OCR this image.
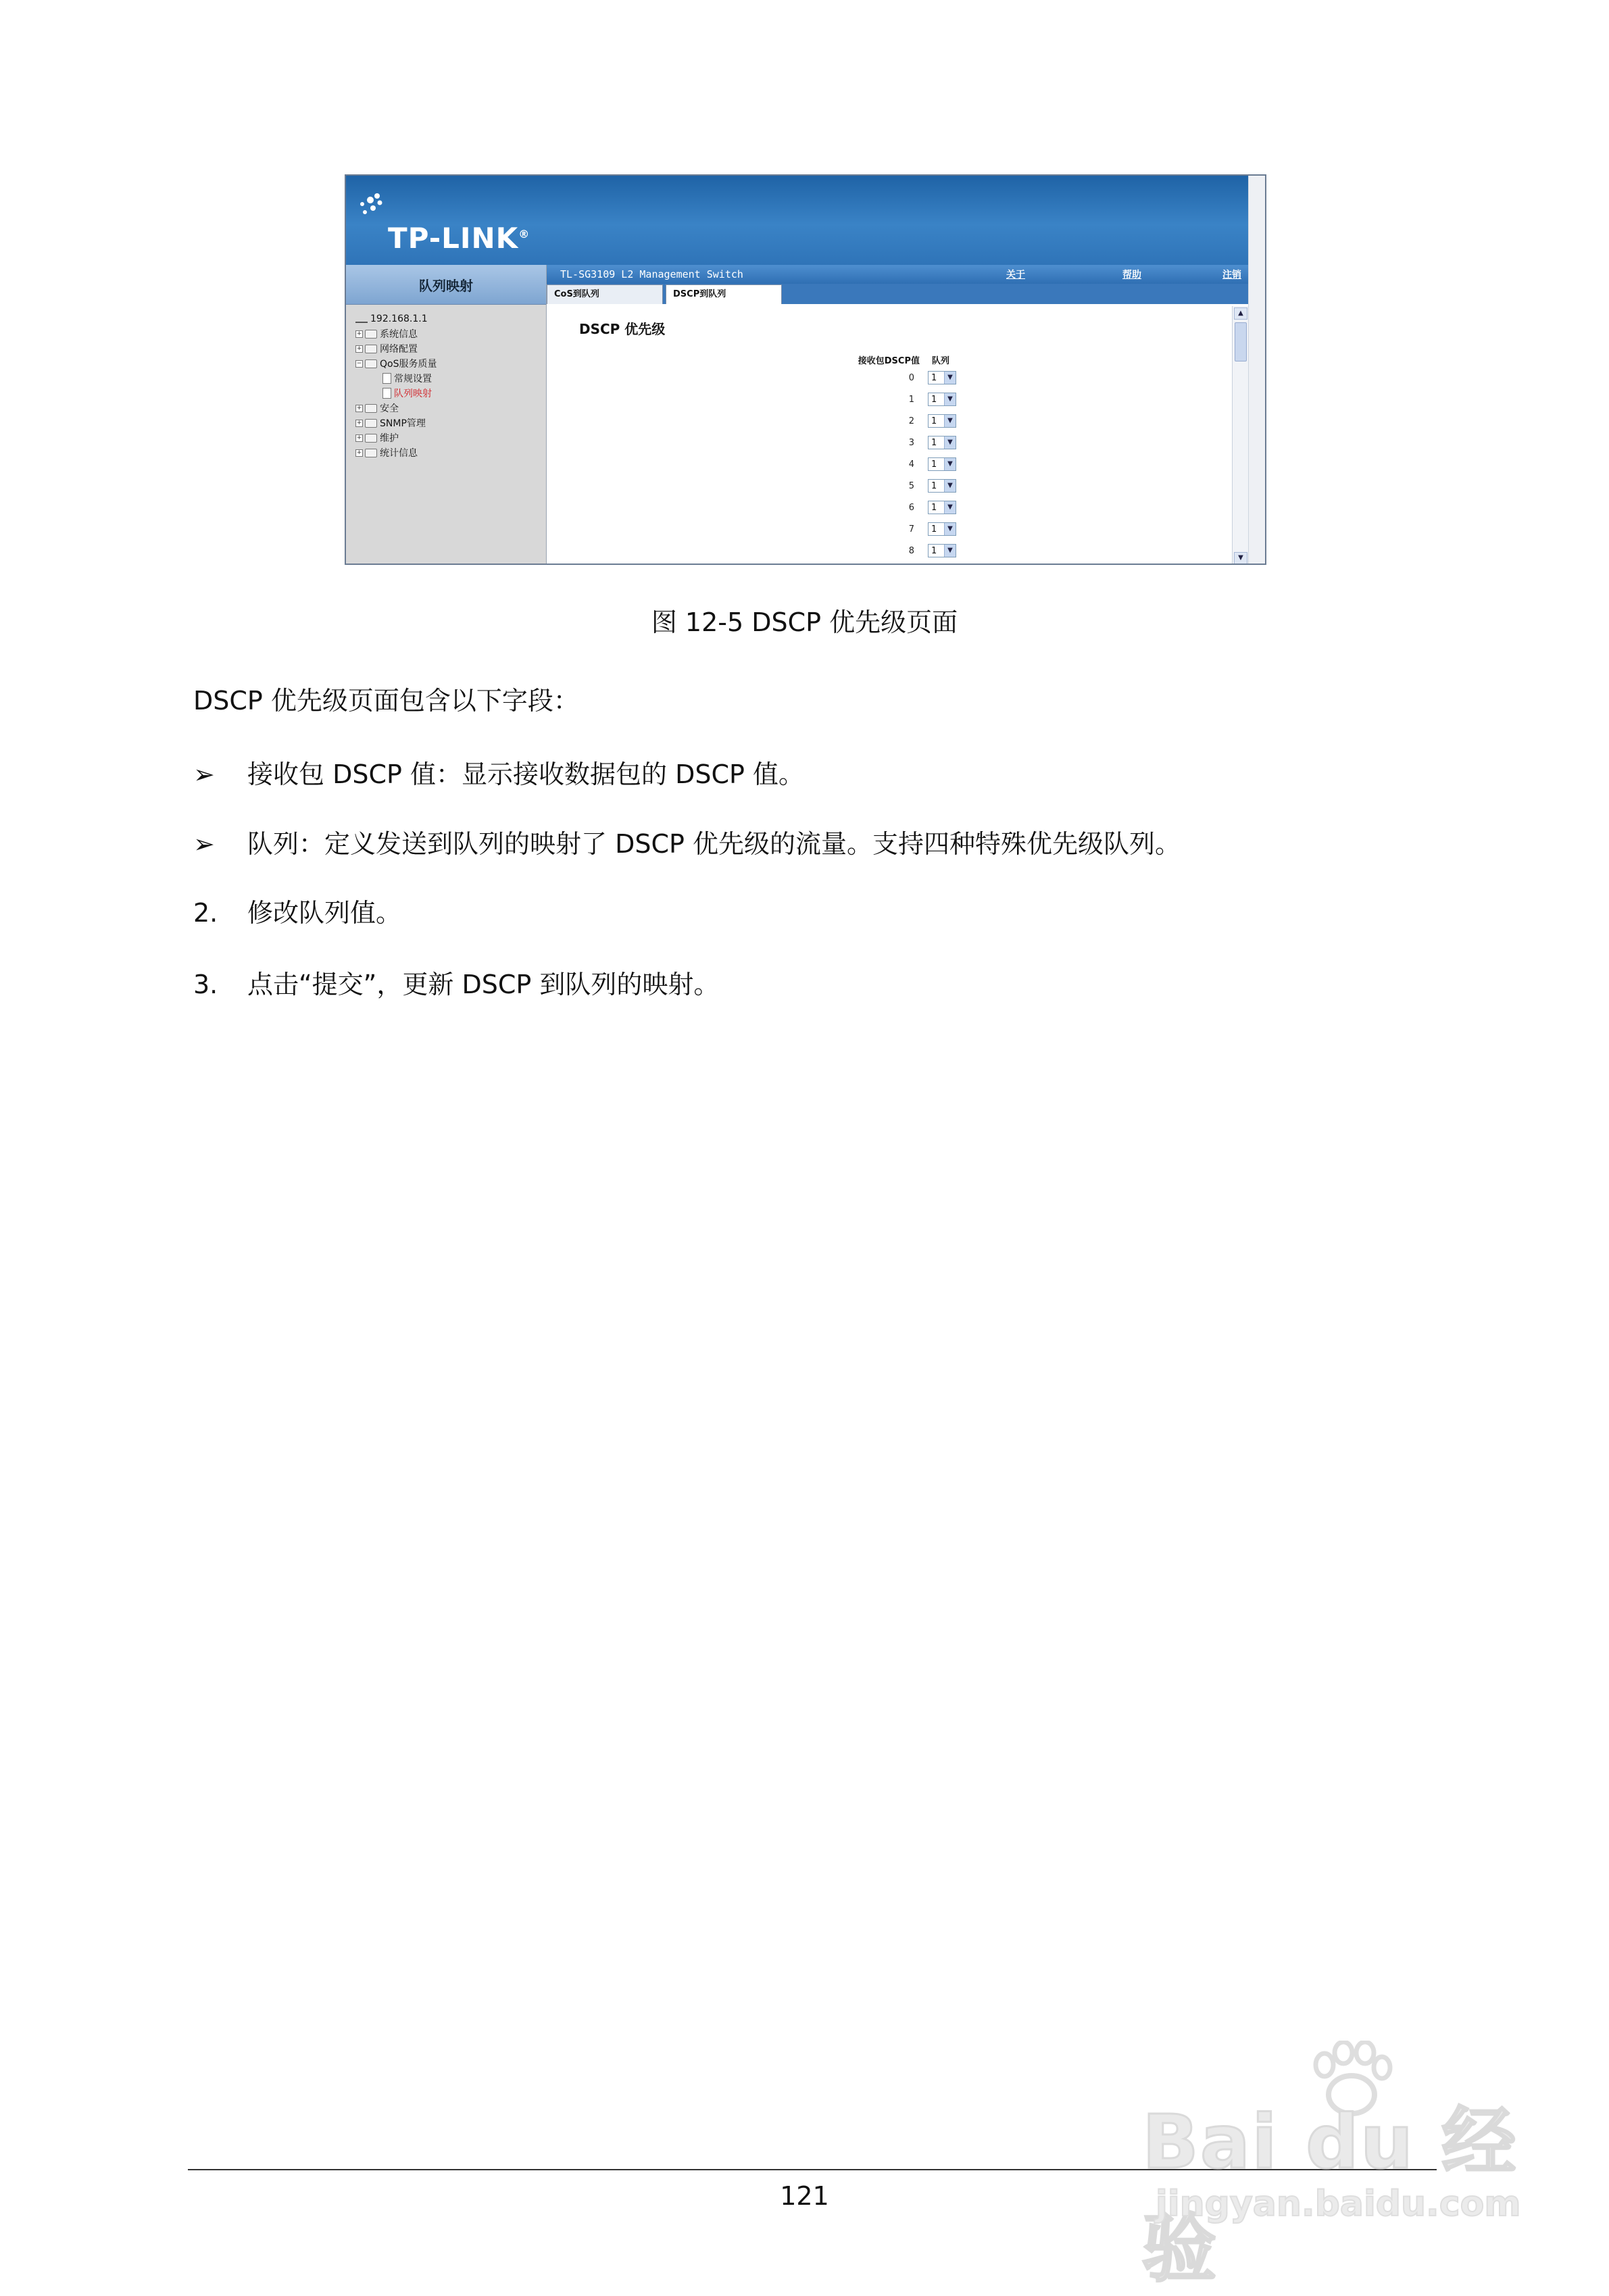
TP-LINK®
队列映射
192.168.1.1
+ 系统信息
+ 网络配置
− QoS服务质量
常规设置
队列映射
+ 安全
+ SNMP管理
+ 维护
+ 统计信息
TL-SG3109 L2 Management Switch	关于	帮助	注销
CoS到队列	DSCP到队列
DSCP 优先级
接收包DSCP值	队列
0	1	▼
1	1	▼
2	1	▼
3	1	▼
4	1	▼
5	1	▼
6	1	▼
7	1	▼
8	1	▼
▲
▼
图 12-5 DSCP 优先级页面
DSCP 优先级页面包含以下字段：
➢ 接收包 DSCP 值：显示接收数据包的 DSCP 值。
➢ 队列：定义发送到队列的映射了 DSCP 优先级的流量。支持四种特殊优先级队列。
2. 修改队列值。
3. 点击“提交”，更新 DSCP 到队列的映射。
121
Bai du 经验
jingyan.baidu.com
